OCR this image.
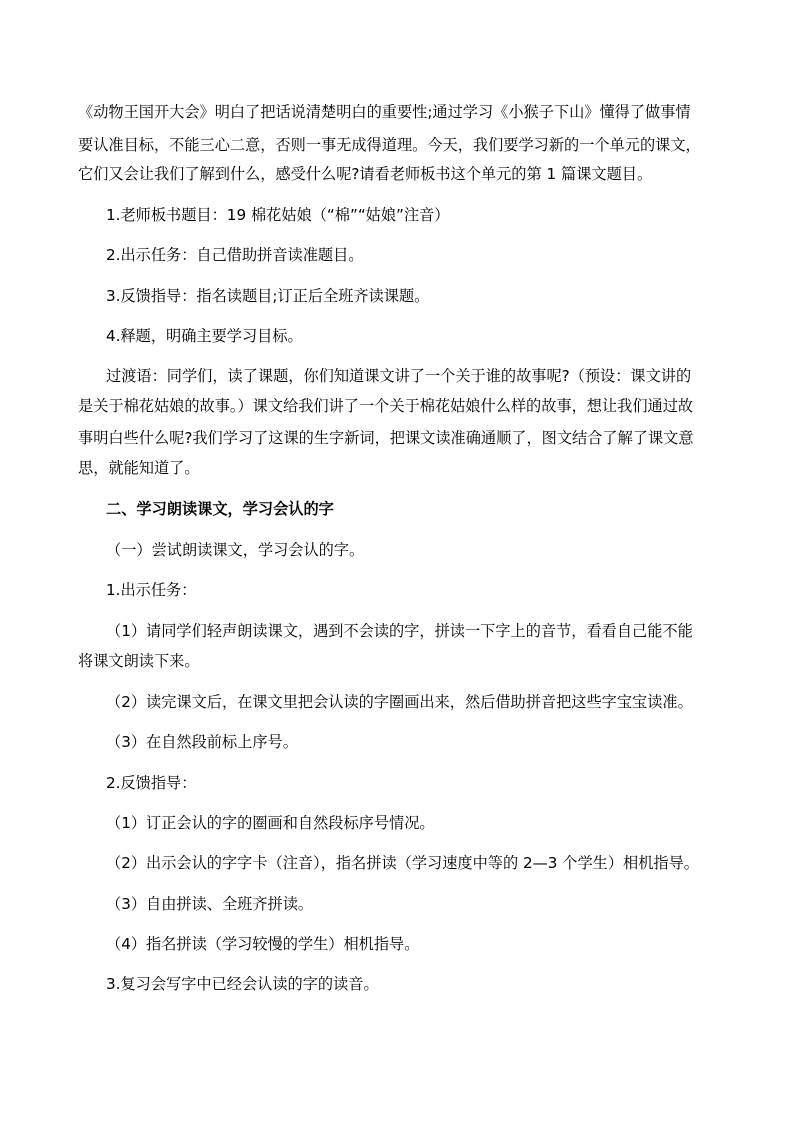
《动物王国开大会》明白了把话说清楚明白的重要性;通过学习《小猴子下山》懂得了做事情
要认准目标，不能三心二意，否则一事无成得道理。今天，我们要学习新的一个单元的课文，
它们又会让我们了解到什么，感受什么呢?请看老师板书这个单元的第 1 篇课文题目。
1.老师板书题目：19 棉花姑娘（“棉”“姑娘”注音）
2.出示任务：自己借助拼音读准题目。
3.反馈指导：指名读题目;订正后全班齐读课题。
4.释题，明确主要学习目标。
过渡语：同学们，读了课题，你们知道课文讲了一个关于谁的故事呢?（预设：课文讲的
是关于棉花姑娘的故事。）课文给我们讲了一个关于棉花姑娘什么样的故事，想让我们通过故
事明白些什么呢?我们学习了这课的生字新词，把课文读准确通顺了，图文结合了解了课文意
思，就能知道了。
二、学习朗读课文，学习会认的字
（一）尝试朗读课文，学习会认的字。
1.出示任务：
（1）请同学们轻声朗读课文，遇到不会读的字，拼读一下字上的音节，看看自己能不能
将课文朗读下来。
（2）读完课文后，在课文里把会认读的字圈画出来，然后借助拼音把这些字宝宝读准。
（3）在自然段前标上序号。
2.反馈指导：
（1）订正会认的字的圈画和自然段标序号情况。
（2）出示会认的字字卡（注音），指名拼读（学习速度中等的 2—3 个学生）相机指导。
（3）自由拼读、全班齐拼读。
（4）指名拼读（学习较慢的学生）相机指导。
3.复习会写字中已经会认读的字的读音。
